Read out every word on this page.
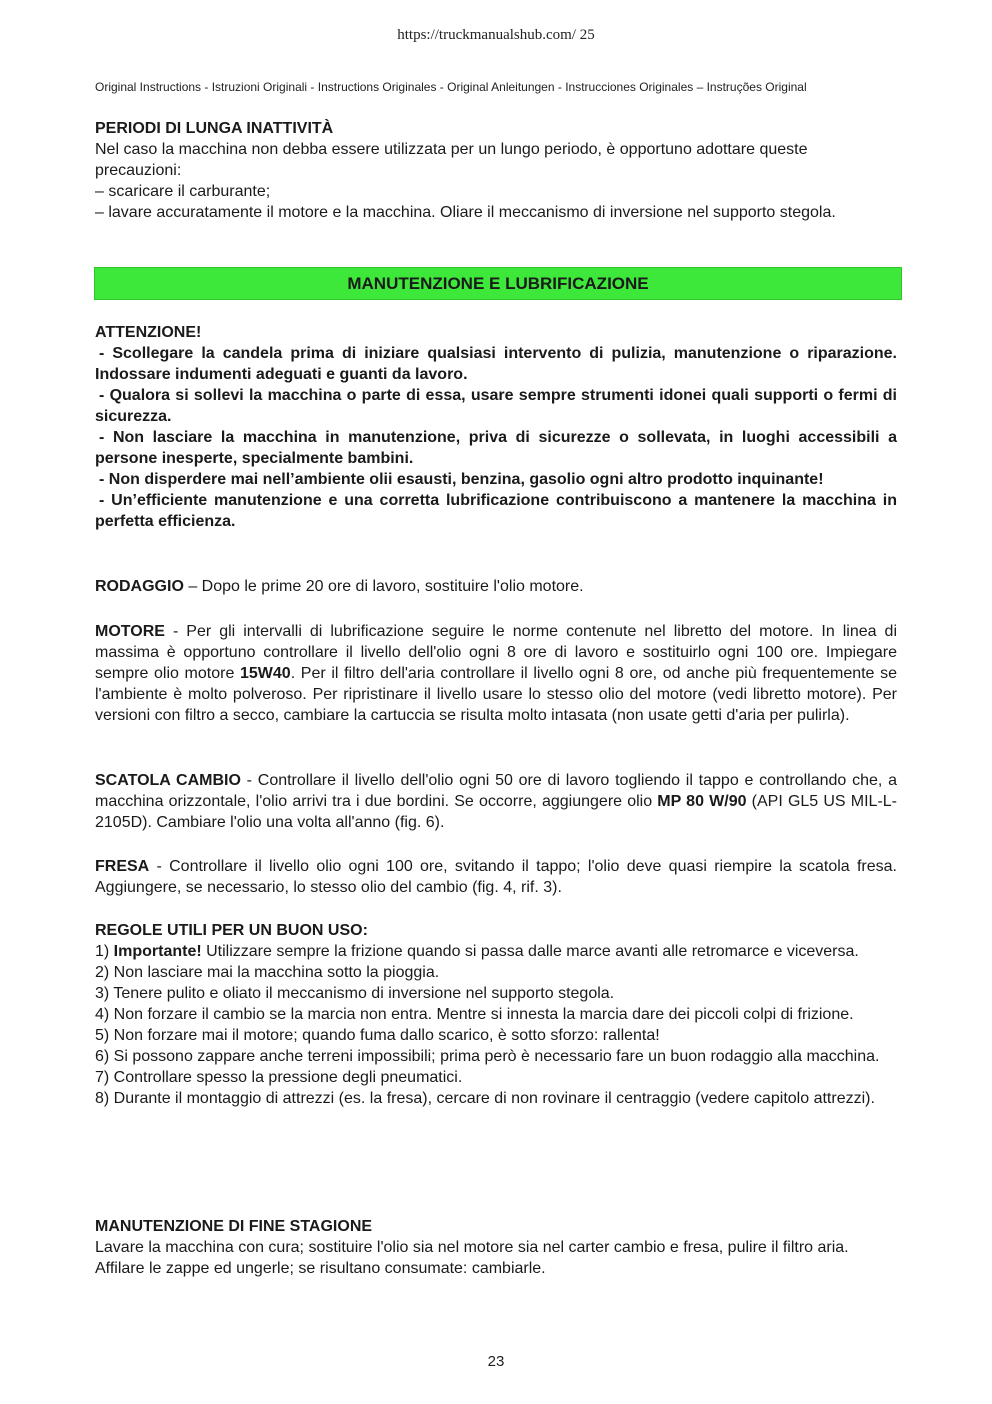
https://truckmanualshub.com/ 25
Original Instructions - Istruzioni Originali - Instructions Originales - Original Anleitungen - Instrucciones Originales – Instruções Original

PERIODI DI LUNGA INATTIVITÀ

Nel caso la macchina non debba essere utilizzata per un lungo periodo, è opportuno adottare queste precauzioni:

– scaricare il carburante;

– lavare accuratamente il motore e la macchina. Oliare il meccanismo di inversione nel supporto stegola.

MANUTENZIONE E LUBRIFICAZIONE

ATTENZIONE!

- Scollegare la candela prima di iniziare qualsiasi intervento di pulizia, manutenzione o riparazione. Indossare indumenti adeguati e guanti da lavoro.

- Qualora si sollevi la macchina o parte di essa, usare sempre strumenti idonei quali supporti o fermi di sicurezza.

- Non lasciare la macchina in manutenzione, priva di sicurezze o sollevata, in luoghi accessibili a persone inesperte, specialmente bambini.

- Non disperdere mai nell’ambiente olii esausti, benzina, gasolio ogni altro prodotto inquinante!

- Un’efficiente manutenzione e una corretta lubrificazione contribuiscono a mantenere la macchina in perfetta efficienza.

RODAGGIO – Dopo le prime 20 ore di lavoro, sostituire l'olio motore.

MOTORE - Per gli intervalli di lubrificazione seguire le norme contenute nel libretto del motore. In linea di massima è opportuno controllare il livello dell'olio ogni 8 ore di lavoro e sostituirlo ogni 100 ore. Impiegare sempre olio motore 15W40. Per il filtro dell'aria controllare il livello ogni 8 ore, od anche più frequentemente se l'ambiente è molto polveroso. Per ripristinare il livello usare lo stesso olio del motore (vedi libretto motore). Per versioni con filtro a secco, cambiare la cartuccia se risulta molto intasata (non usate getti d'aria per pulirla).

SCATOLA CAMBIO - Controllare il livello dell'olio ogni 50 ore di lavoro togliendo il tappo e controllando che, a macchina orizzontale, l'olio arrivi tra i due bordini. Se occorre, aggiungere olio MP 80 W/90 (API GL5 US MIL-L-2105D). Cambiare l'olio una volta all'anno (fig. 6).

FRESA - Controllare il livello olio ogni 100 ore, svitando il tappo; l'olio deve quasi riempire la scatola fresa. Aggiungere, se necessario, lo stesso olio del cambio (fig. 4, rif. 3).

REGOLE UTILI PER UN BUON USO:

1) Importante! Utilizzare sempre la frizione quando si passa dalle marce avanti alle retromarce e viceversa.

2) Non lasciare mai la macchina sotto la pioggia.

3) Tenere pulito e oliato il meccanismo di inversione nel supporto stegola.

4) Non forzare il cambio se la marcia non entra. Mentre si innesta la marcia dare dei piccoli colpi di frizione.

5) Non forzare mai il motore; quando fuma dallo scarico, è sotto sforzo: rallenta!

6) Si possono zappare anche terreni impossibili; prima però è necessario fare un buon rodaggio alla macchina.

7) Controllare spesso la pressione degli pneumatici.

8) Durante il montaggio di attrezzi (es. la fresa), cercare di non rovinare il centraggio (vedere capitolo attrezzi).

MANUTENZIONE DI FINE STAGIONE

Lavare la macchina con cura; sostituire l'olio sia nel motore sia nel carter cambio e fresa, pulire il filtro aria. Affilare le zappe ed ungerle; se risultano consumate: cambiarle.

23
